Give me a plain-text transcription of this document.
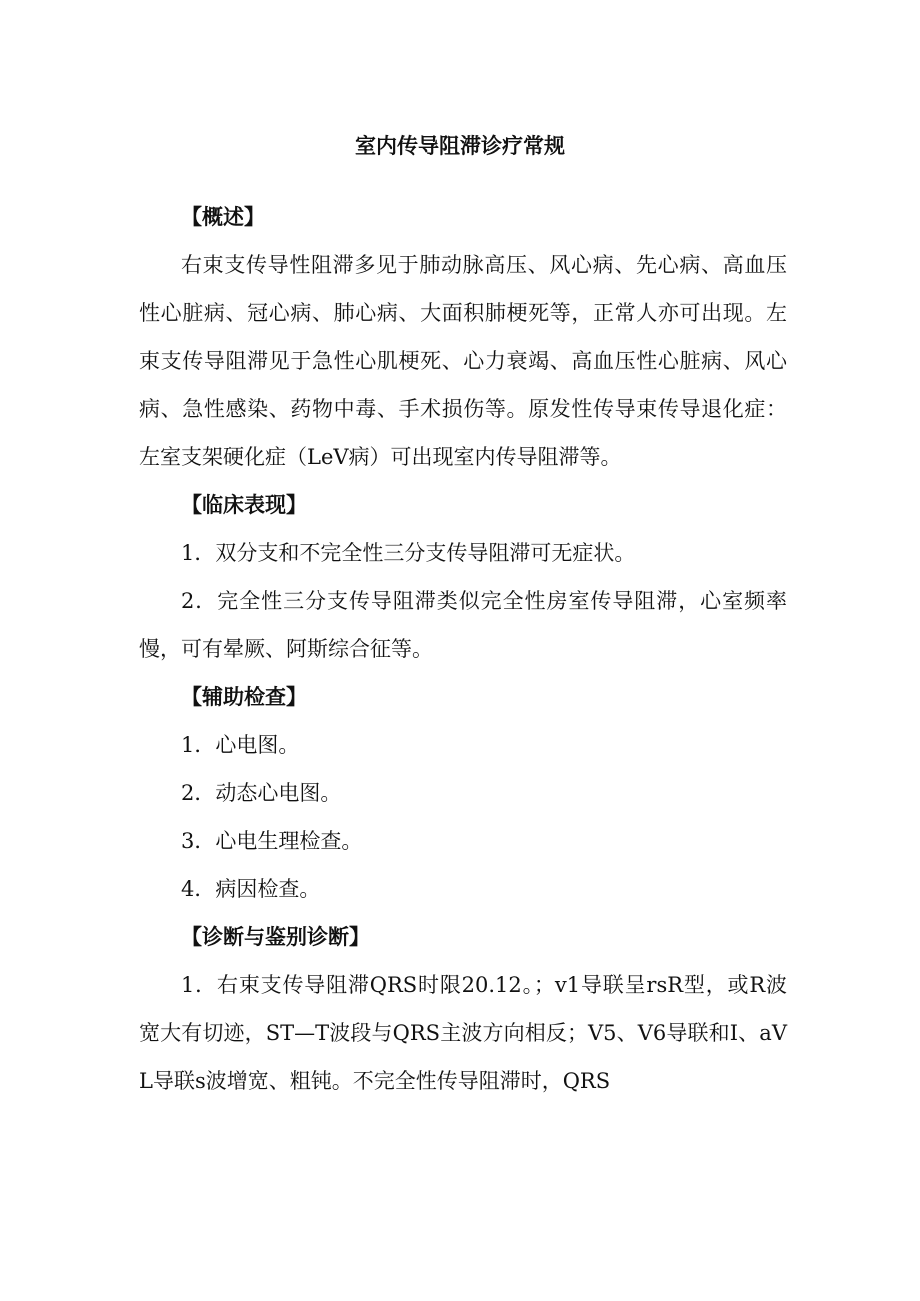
室内传导阻滞诊疗常规

【概述】

右束支传导性阻滞多见于肺动脉高压、风心病、先心病、高血压性心脏病、冠心病、肺心病、大面积肺梗死等，正常人亦可出现。左束支传导阻滞见于急性心肌梗死、心力衰竭、高血压性心脏病、风心病、急性感染、药物中毒、手术损伤等。原发性传导束传导退化症：左室支架硬化症（LeV病）可出现室内传导阻滞等。

【临床表现】

1．双分支和不完全性三分支传导阻滞可无症状。

2．完全性三分支传导阻滞类似完全性房室传导阻滞，心室频率慢，可有晕厥、阿斯综合征等。

【辅助检查】

1．心电图。

2．动态心电图。

3．心电生理检查。

4．病因检查。

【诊断与鉴别诊断】

1．右束支传导阻滞QRS时限20.12。；v1导联呈rsR型，或R波宽大有切迹，ST—T波段与QRS主波方向相反；V5、V6导联和I、aVL导联s波增宽、粗钝。不完全性传导阻滞时，QRS
